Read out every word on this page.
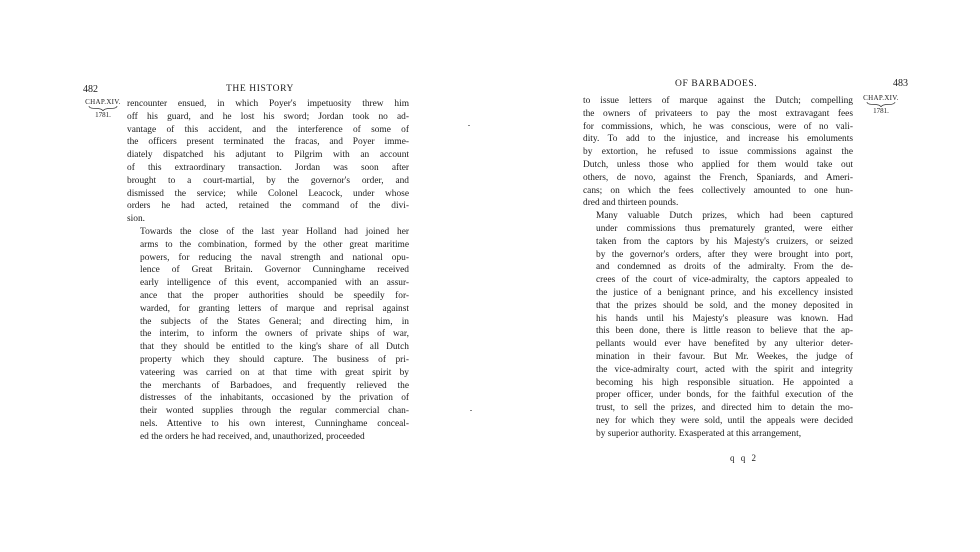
482	THE HISTORY
CHAP.XIV.
1781.

rencounter ensued, in which Poyer's impetuosity threw him
off his guard, and he lost his sword; Jordan took no ad-
vantage of this accident, and the interference of some of
the officers present terminated the fracas, and Poyer imme-
diately dispatched his adjutant to Pilgrim with an account
of this extraordinary transaction. Jordan was soon after
brought to a court-martial, by the governor's order, and
dismissed the service; while Colonel Leacock, under whose
orders he had acted, retained the command of the divi-
sion.

Towards the close of the last year Holland had joined her
arms to the combination, formed by the other great maritime
powers, for reducing the naval strength and national opu-
lence of Great Britain. Governor Cunninghame received
early intelligence of this event, accompanied with an assur-
ance that the proper authorities should be speedily for-
warded, for granting letters of marque and reprisal against
the subjects of the States General; and directing him, in
the interim, to inform the owners of private ships of war,
that they should be entitled to the king's share of all Dutch
property which they should capture. The business of pri-
vateering was carried on at that time with great spirit by
the merchants of Barbadoes, and frequently relieved the
distresses of the inhabitants, occasioned by the privation of
their wonted supplies through the regular commercial chan-
nels. Attentive to his own interest, Cunninghame conceal-
ed the orders he had received, and, unauthorized, proceeded

OF BARBADOES.	483
CHAP.XIV.
1781.

to issue letters of marque against the Dutch; compelling
the owners of privateers to pay the most extravagant fees
for commissions, which, he was conscious, were of no vali-
dity. To add to the injustice, and increase his emoluments
by extortion, he refused to issue commissions against the
Dutch, unless those who applied for them would take out
others, de novo, against the French, Spaniards, and Ameri-
cans; on which the fees collectively amounted to one hun-
dred and thirteen pounds.

Many valuable Dutch prizes, which had been captured
under commissions thus prematurely granted, were either
taken from the captors by his Majesty's cruizers, or seized
by the governor's orders, after they were brought into port,
and condemned as droits of the admiralty. From the de-
crees of the court of vice-admiralty, the captors appealed to
the justice of a benignant prince, and his excellency insisted
that the prizes should be sold, and the money deposited in
his hands until his Majesty's pleasure was known. Had
this been done, there is little reason to believe that the ap-
pellants would ever have benefited by any ulterior deter-
mination in their favour. But Mr. Weekes, the judge of
the vice-admiralty court, acted with the spirit and integrity
becoming his high responsible situation. He appointed a
proper officer, under bonds, for the faithful execution of the
trust, to sell the prizes, and directed him to detain the mo-
ney for which they were sold, until the appeals were decided
by superior authority. Exasperated at this arrangement,

q q 2
